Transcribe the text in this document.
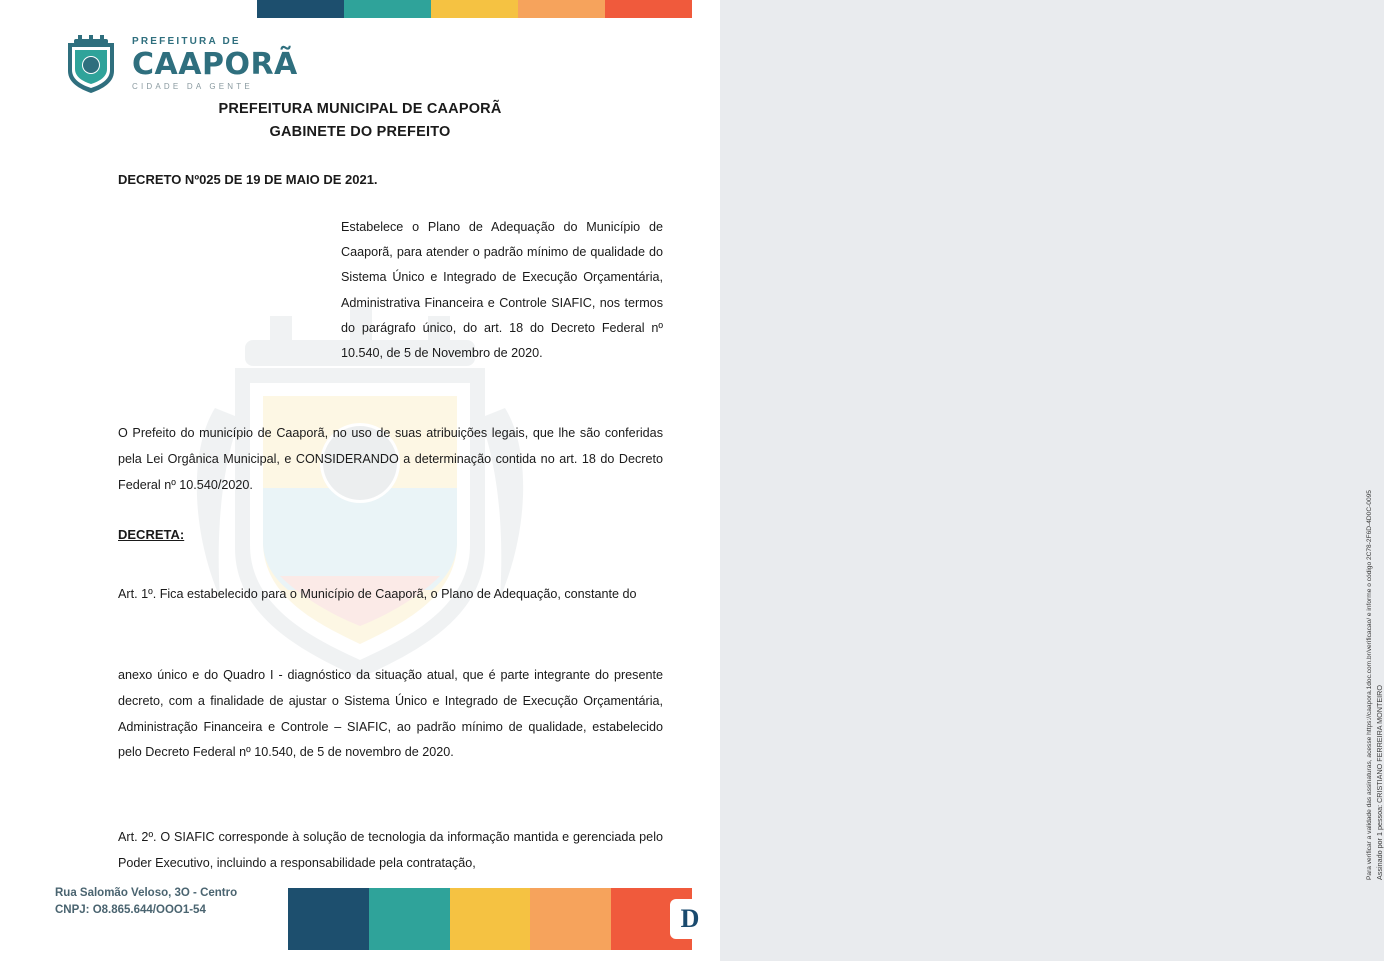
PREFEITURA DE
CAAPORÃ
CIDADE DA GENTE
PREFEITURA MUNICIPAL DE CAAPORÃ
GABINETE DO PREFEITO
DECRETO Nº025 DE 19 DE MAIO DE 2021.
Estabelece o Plano de Adequação do Município de Caaporã, para atender o padrão mínimo de qualidade do Sistema Único e Integrado de Execução Orçamentária, Administrativa Financeira e Controle SIAFIC, nos termos do parágrafo único, do art. 18 do Decreto Federal nº 10.540, de 5 de Novembro de 2020.
O Prefeito do município de Caaporã, no uso de suas atribuições legais, que lhe são conferidas pela Lei Orgânica Municipal, e CONSIDERANDO a determinação contida no art. 18 do Decreto Federal nº 10.540/2020.
DECRETA:
Art. 1º. Fica estabelecido para o Município de Caaporã, o Plano de Adequação, constante do
anexo único e do Quadro I - diagnóstico da situação atual, que é parte integrante do presente decreto, com a finalidade de ajustar o Sistema Único e Integrado de Execução Orçamentária, Administração Financeira e Controle – SIAFIC, ao padrão mínimo de qualidade, estabelecido pelo Decreto Federal nº 10.540, de 5 de novembro de 2020.
Art. 2º. O SIAFIC corresponde à solução de tecnologia da informação mantida e gerenciada pelo Poder Executivo, incluindo a responsabilidade pela contratação,
Rua Salomão Veloso, 3O - Centro
CNPJ: O8.865.644/OOO1-54
Assinado por 1 pessoa: CRISTIANO FERREIRA MONTEIRO
Para verificar a validade das assinaturas, acesse https://caapora.1doc.com.br/verificacao/ e informe o código 2C78-2F6D-4D0C-0095
D
